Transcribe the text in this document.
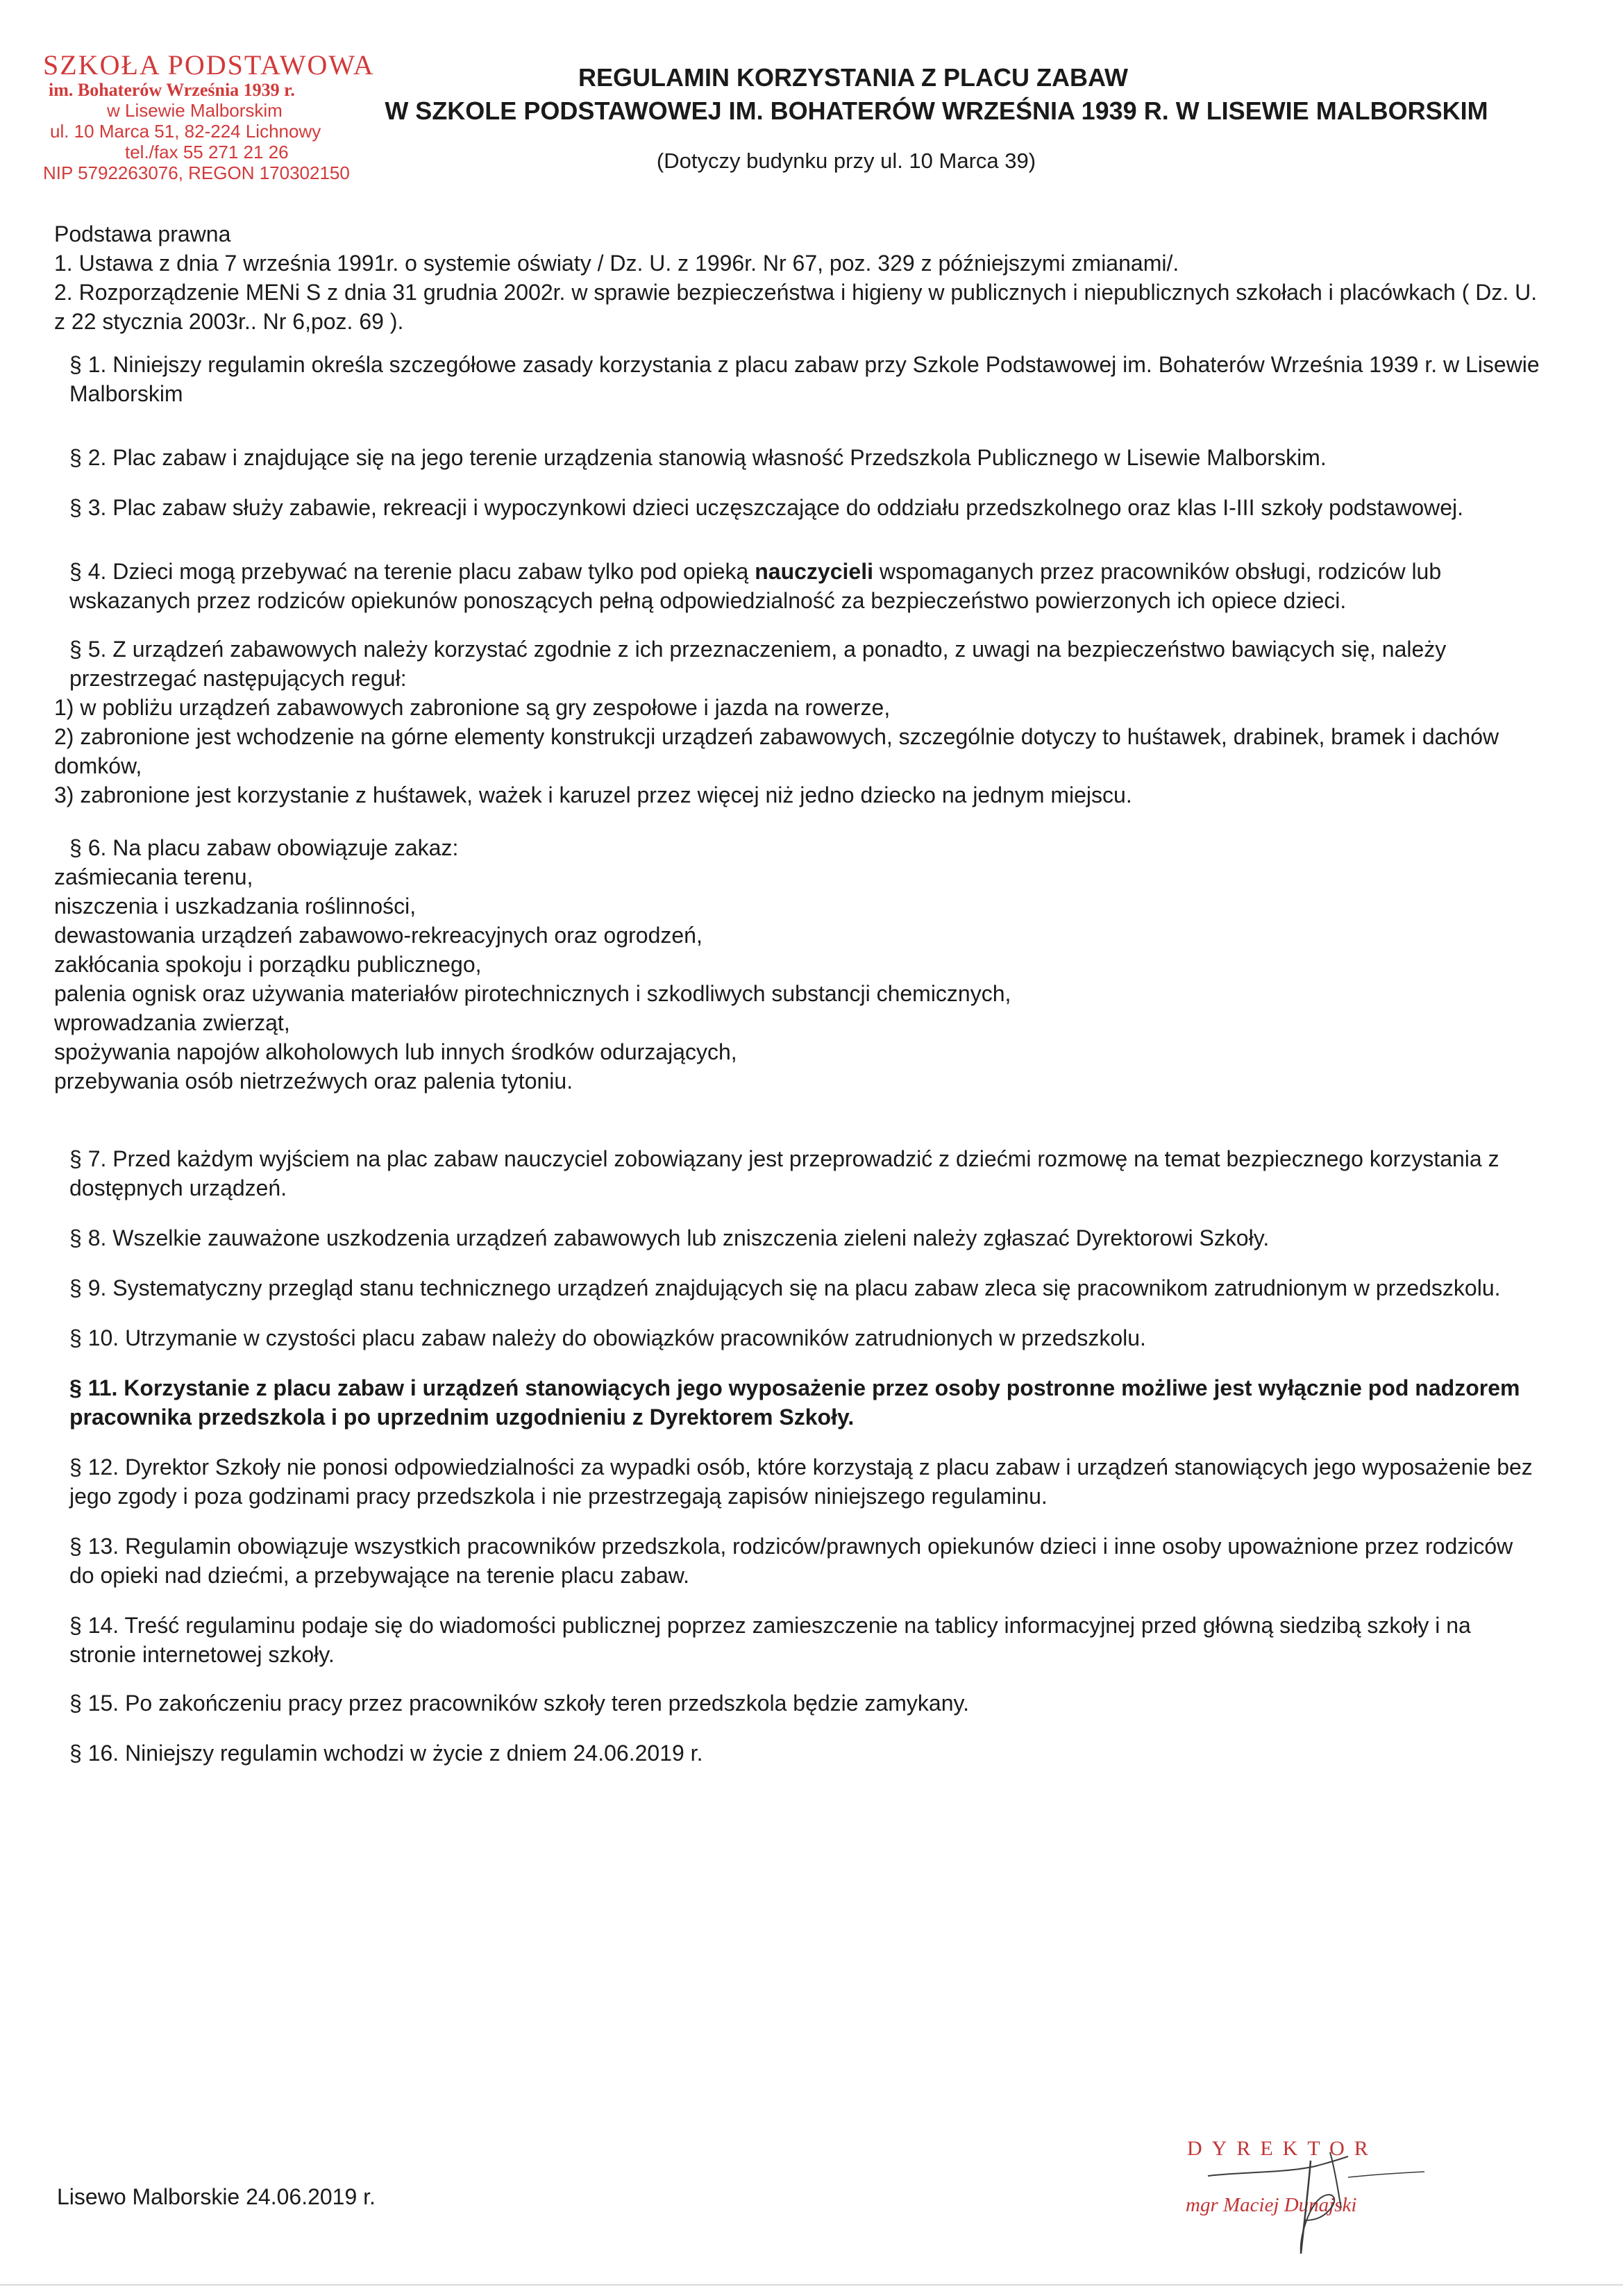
SZKOŁA PODSTAWOWA
im. Bohaterów Września 1939 r.
w Lisewie Malborskim
ul. 10 Marca 51, 82-224 Lichnowy
tel./fax 55 271 21 26
NIP 5792263076, REGON 170302150
REGULAMIN KORZYSTANIA Z PLACU ZABAW
W SZKOLE PODSTAWOWEJ IM. BOHATERÓW WRZEŚNIA 1939 R. W LISEWIE MALBORSKIM
(Dotyczy budynku przy ul. 10 Marca 39)

Podstawa prawna

1. Ustawa z dnia 7 września 1991r. o systemie oświaty / Dz. U. z 1996r. Nr 67, poz. 329 z późniejszymi zmianami/.

2. Rozporządzenie MENi S z dnia 31 grudnia 2002r. w sprawie bezpieczeństwa i higieny w publicznych i niepublicznych szkołach i placówkach ( Dz. U. z 22 stycznia 2003r.. Nr 6,poz. 69 ).

§ 1. Niniejszy regulamin określa szczegółowe zasady korzystania z placu zabaw przy Szkole Podstawowej im. Bohaterów Września 1939 r. w Lisewie Malborskim

§ 2. Plac zabaw i znajdujące się na jego terenie urządzenia stanowią własność Przedszkola Publicznego w Lisewie Malborskim.

§ 3. Plac zabaw służy zabawie, rekreacji i wypoczynkowi dzieci uczęszczające do oddziału przedszkolnego oraz klas I-III szkoły podstawowej.

§ 4. Dzieci mogą przebywać na terenie placu zabaw tylko pod opieką nauczycieli wspomaganych przez pracowników obsługi, rodziców lub wskazanych przez rodziców opiekunów ponoszących pełną odpowiedzialność za bezpieczeństwo powierzonych ich opiece dzieci.

§ 5. Z urządzeń zabawowych należy korzystać zgodnie z ich przeznaczeniem, a ponadto, z uwagi na bezpieczeństwo bawiących się, należy przestrzegać następujących reguł:

1) w pobliżu urządzeń zabawowych zabronione są gry zespołowe i jazda na rowerze,

2) zabronione jest wchodzenie na górne elementy konstrukcji urządzeń zabawowych, szczególnie dotyczy to huśtawek, drabinek, bramek i dachów domków,

3) zabronione jest korzystanie z huśtawek, ważek i karuzel przez więcej niż jedno dziecko na jednym miejscu.

§ 6. Na placu zabaw obowiązuje zakaz:

zaśmiecania terenu,

niszczenia i uszkadzania roślinności,

dewastowania urządzeń zabawowo-rekreacyjnych oraz ogrodzeń,

zakłócania spokoju i porządku publicznego,

palenia ognisk oraz używania materiałów pirotechnicznych i szkodliwych substancji chemicznych,

wprowadzania zwierząt,

spożywania napojów alkoholowych lub innych środków odurzających,

przebywania osób nietrzeźwych oraz palenia tytoniu.

§ 7. Przed każdym wyjściem na plac zabaw nauczyciel zobowiązany jest przeprowadzić z dziećmi rozmowę na temat bezpiecznego korzystania z dostępnych urządzeń.

§ 8. Wszelkie zauważone uszkodzenia urządzeń zabawowych lub zniszczenia zieleni należy zgłaszać Dyrektorowi Szkoły.

§ 9. Systematyczny przegląd stanu technicznego urządzeń znajdujących się na placu zabaw zleca się pracownikom zatrudnionym w przedszkolu.

§ 10. Utrzymanie w czystości placu zabaw należy do obowiązków pracowników zatrudnionych w przedszkolu.

§ 11. Korzystanie z placu zabaw i urządzeń stanowiących jego wyposażenie przez osoby postronne możliwe jest wyłącznie pod nadzorem pracownika przedszkola i po uprzednim uzgodnieniu z Dyrektorem Szkoły.

§ 12. Dyrektor Szkoły nie ponosi odpowiedzialności za wypadki osób, które korzystają z placu zabaw i urządzeń stanowiących jego wyposażenie bez jego zgody i poza godzinami pracy przedszkola i nie przestrzegają zapisów niniejszego regulaminu.

§ 13. Regulamin obowiązuje wszystkich pracowników przedszkola, rodziców/prawnych opiekunów dzieci i inne osoby upoważnione przez rodziców do opieki nad dziećmi, a przebywające na terenie placu zabaw.

§ 14. Treść regulaminu podaje się do wiadomości publicznej poprzez zamieszczenie na tablicy informacyjnej przed główną siedzibą szkoły i na stronie internetowej szkoły.

§ 15. Po zakończeniu pracy przez pracowników szkoły teren przedszkola będzie zamykany.

§ 16. Niniejszy regulamin wchodzi w życie z dniem 24.06.2019 r.

Lisewo Malborskie 24.06.2019 r.
DYREKTOR
mgr Maciej Dunajski
